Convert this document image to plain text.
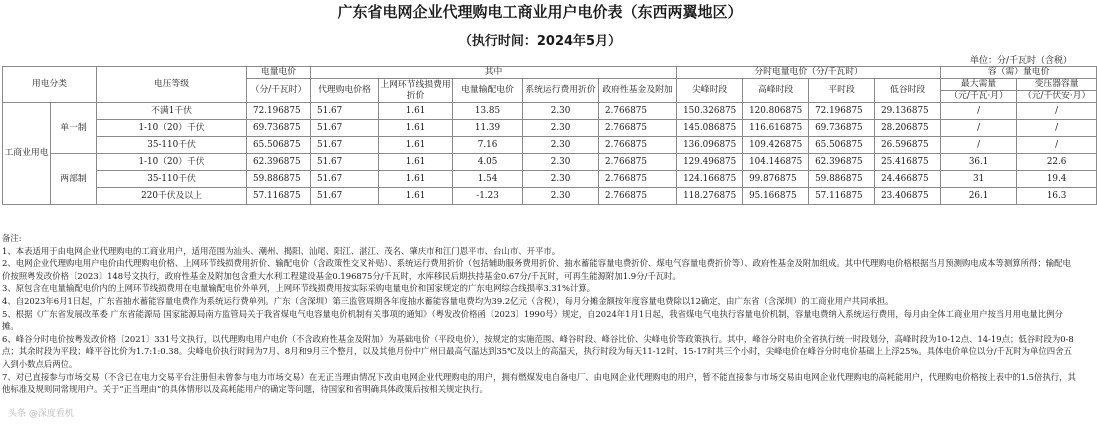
广东省电网企业代理购电工商业用户电价表（东西两翼地区）
（执行时间：2024年5月）
单位：分/千瓦时（含税）
用电分类		电压等级	电量电价	其中					分时电量电价（分/千瓦时）				容（需）量电价	
			（分/千瓦时）	代理购电价格	上网环节线损费用折价	电量输配电价	系统运行费用折价	政府性基金及附加	尖峰时段	高峰时段	平时段	低谷时段	最大需量	变压器容量
													（元/千瓦·月）	（元/千伏安·月）
工商业用电	单一制	不满1千伏	72.196875	51.67	1.61	13.85	2.30	2.766875	150.326875	120.806875	72.196875	29.136875	/	/
		1-10（20）千伏	69.736875	51.67	1.61	11.39	2.30	2.766875	145.086875	116.616875	69.736875	28.206875	/	/
		35-110千伏	65.506875	51.67	1.61	7.16	2.30	2.766875	136.096875	109.426875	65.506875	26.596875	/	/
	两部制	1-10（20）千伏	62.396875	51.67	1.61	4.05	2.30	2.766875	129.496875	104.146875	62.396875	25.416875	36.1	22.6
		35-110千伏	59.886875	51.67	1.61	1.54	2.30	2.766875	124.166875	99.876875	59.886875	24.466875	31	19.4
		220千伏及以上	57.116875	51.67	1.61	-1.23	2.30	2.766875	118.276875	95.166875	57.116875	23.406875	26.1	16.3
备注:
1、本表适用于由电网企业代理购电的工商业用户，适用范围为汕头、潮州、揭阳、汕尾、阳江、湛江、茂名、肇庆市和江门恩平市、台山市、开平市。
2、电网企业代理购电用户电价由代理购电价格、上网环节线损费用折价、输配电价（含政策性交叉补贴）、系统运行费用折价（包括辅助服务费用折价、抽水蓄能容量电费折价、煤电气容量电费折价等）、政府性基金及附加组成。其中代理购电价格根据当月预测购电成本等测算所得；输配电价按照粤发改价格〔2023〕148号文执行，政府性基金及附加包含重大水利工程建设基金0.196875分/千瓦时，水库移民后期扶持基金0.67分/千瓦时，可再生能源附加1.9分/千瓦时。
3、原包含在电量输配电价内的上网环节线损费用在电量输配电价外单列，上网环节线损费用按实际采购电量电价和国家规定的广东电网综合线损率3.31%计算。
4、自2023年6月1日起，广东省抽水蓄能容量电费作为系统运行费单列。广东（含深圳）第三监管周期各年度抽水蓄能容量电费均为39.2亿元（含税），每月分摊金额按年度容量电费除以12确定，由广东省（含深圳）的工商业用户共同承担。
5、根据《广东省发展改革委 广东省能源局 国家能源局南方监管局关于我省煤电气电容量电价机制有关事项的通知》（粤发改价格函〔2023〕1990号）规定，自2024年1月1日起，我省煤电气电执行容量电价机制，容量电费纳入系统运行费用，每月由全体工商业用户按当月用电量比例分摊。
6、峰谷分时电价按粤发改价格〔2021〕331号文执行，以代理购电用户电价（不含政府性基金及附加）为基础电价（平段电价），按规定的实施范围、峰谷时段、峰谷比价、尖峰电价等政策执行。其中，峰谷分时电价全省执行统一时段划分，高峰时段为10-12点、14-19点；低谷时段为0-8点；其余时段为平段；峰平谷比价为1.7:1:0.38。尖峰电价执行时间为7月、8月和9月三个整月，以及其他月份中广州日最高气温达到35℃及以上的高温天，执行时段为每天11-12时、15-17时共三个小时，尖峰电价在峰谷分时电价基础上上浮25%。具体电价单位以分/千瓦时为单位四舍五入到小数点后两位。
7、对已直接参与市场交易（不含已在电力交易平台注册但未曾参与电力市场交易）在无正当理由情况下改由电网企业代理购电的用户，拥有燃煤发电自备电厂、由电网企业代理购电的用户，暂不能直接参与市场交易由电网企业代理购电的高耗能用户，代理购电价格按上表中的1.5倍执行，其他标准及规则同常规用户。关于“正当理由”的具体情形以及高耗能用户的确定等问题，待国家和省明确具体政策后按相关规定执行。
头条 @深度看机
